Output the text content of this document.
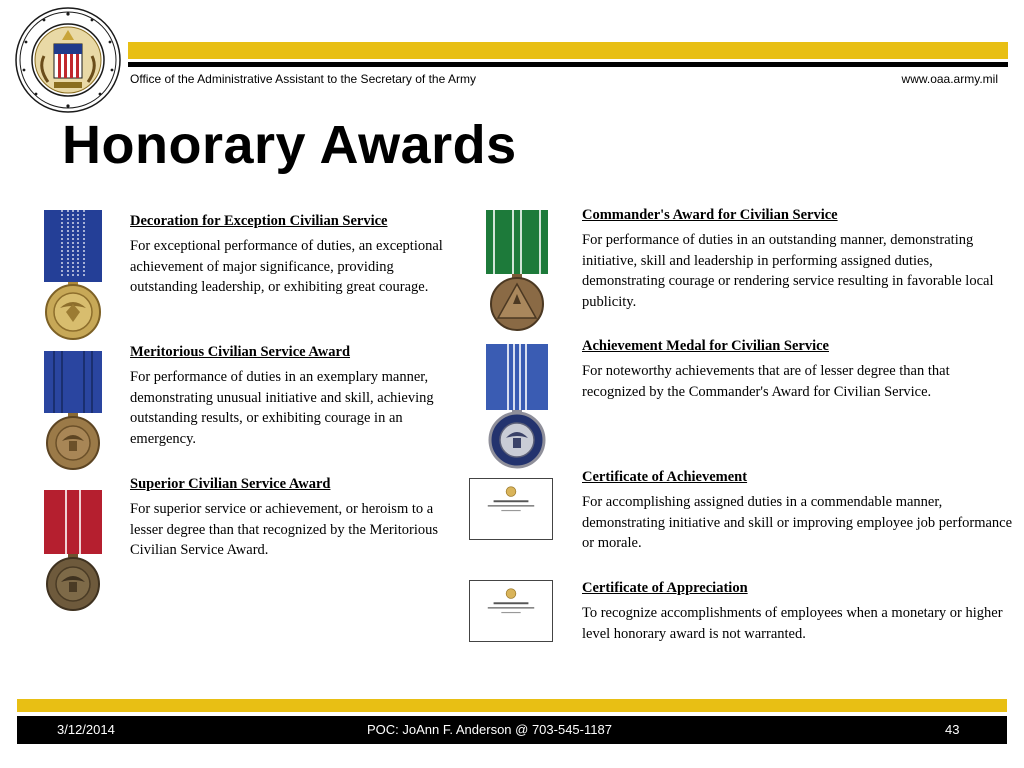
Office of the Administrative Assistant to the Secretary of the Army	www.oaa.army.mil
Honorary Awards
Decoration for Exception Civilian Service
For exceptional performance of duties, an exceptional achievement of major significance, providing outstanding leadership, or exhibiting great courage.
Meritorious Civilian Service Award
For performance of duties in an exemplary manner, demonstrating unusual initiative and skill, achieving outstanding results, or exhibiting courage in an emergency.
Superior Civilian Service Award
For superior service or achievement, or heroism to a lesser degree than that recognized by the Meritorious Civilian Service Award.
Commander's Award for Civilian Service
For performance of duties in an outstanding manner, demonstrating initiative, skill and leadership in performing assigned duties, demonstrating courage or rendering service resulting in favorable local publicity.
Achievement Medal for Civilian Service
For noteworthy achievements that are of lesser degree than that recognized by the Commander's Award for Civilian Service.
Certificate of Achievement
For accomplishing assigned duties in a commendable manner, demonstrating initiative and skill or improving employee job performance or morale.
Certificate of Appreciation
To recognize accomplishments of employees when a monetary or higher level honorary award is not warranted.
3/12/2014	POC: JoAnn F. Anderson @ 703-545-1187	43
